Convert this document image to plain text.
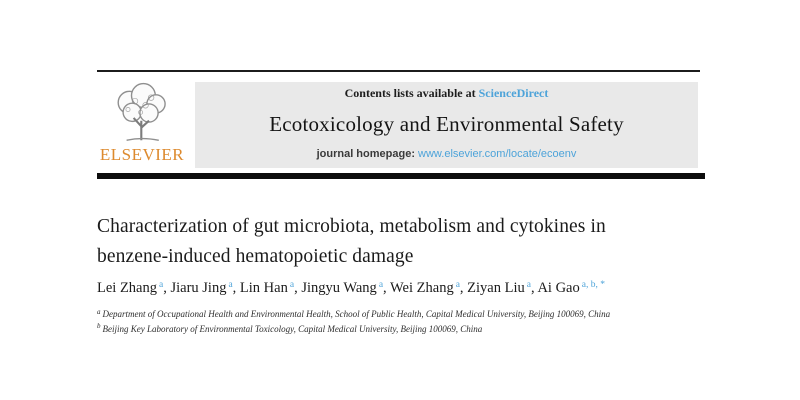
ELSEVIER
Contents lists available at ScienceDirect
Ecotoxicology and Environmental Safety
journal homepage: www.elsevier.com/locate/ecoenv
Characterization of gut microbiota, metabolism and cytokines in
benzene-induced hematopoietic damage
Lei Zhang $^a$, Jiaru Jing $^a$, Lin Han $^a$, Jingyu Wang $^a$, Wei Zhang $^a$, Ziyan Liu $^a$, Ai Gao $^{a, b, *}$
$^a$ Department of Occupational Health and Environmental Health, School of Public Health, Capital Medical University, Beijing 100069, China
$^b$ Beijing Key Laboratory of Environmental Toxicology, Capital Medical University, Beijing 100069, China
